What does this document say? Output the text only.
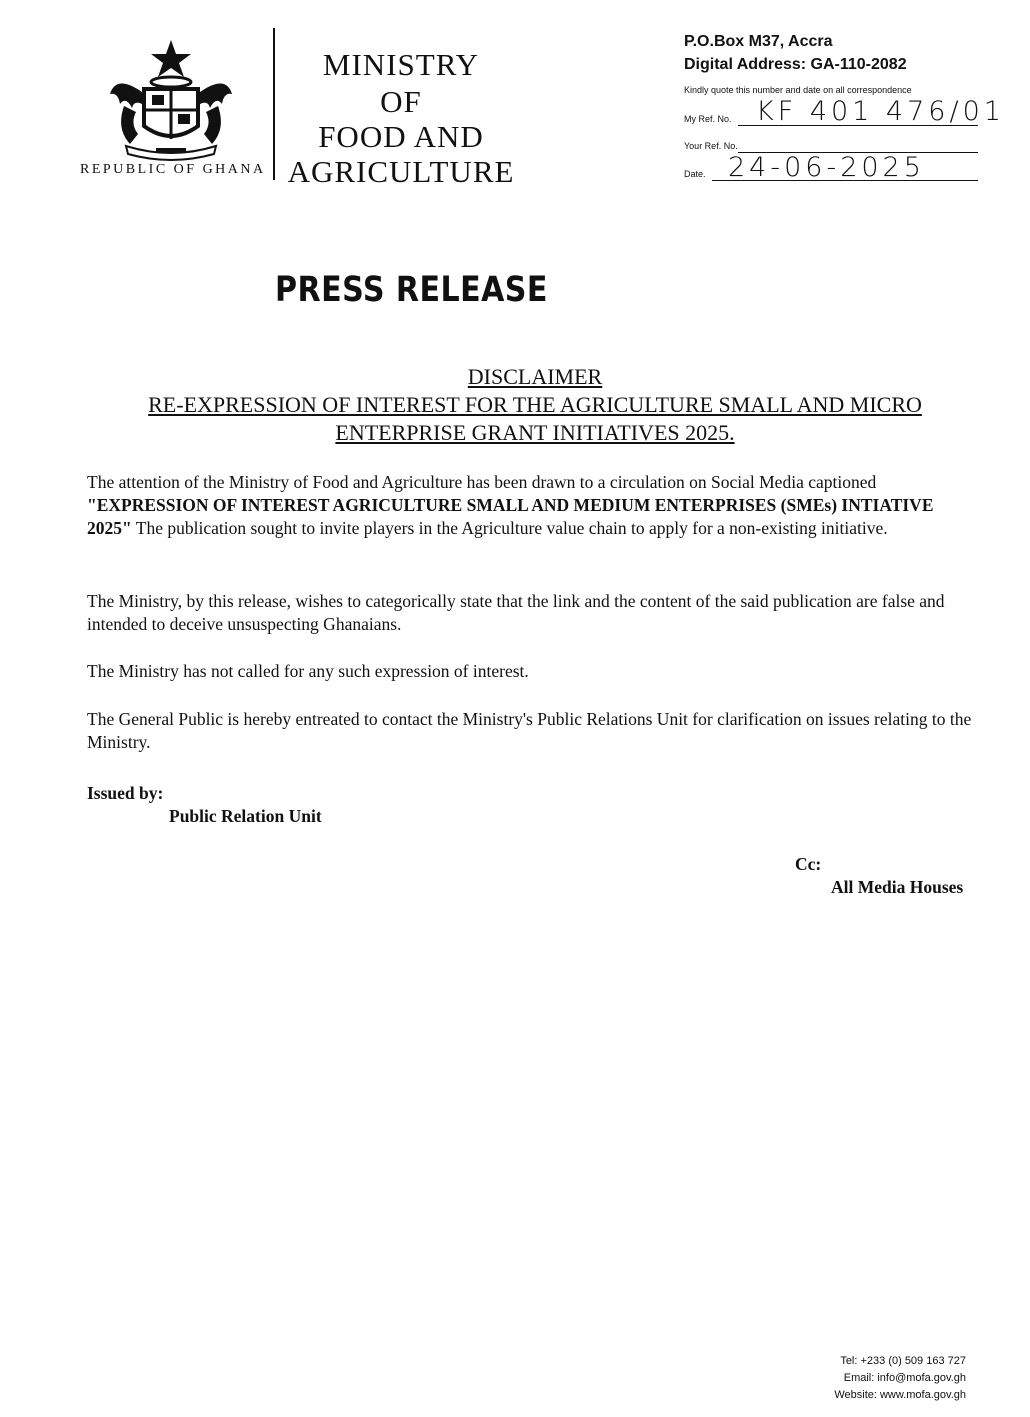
REPUBLIC OF GHANA
MINISTRY
OF
FOOD AND
AGRICULTURE
P.O.Box M37, Accra
Digital Address: GA-110-2082
Kindly quote this number and date on all correspondence
My Ref. No. KF 401 476/01
Your Ref. No.
Date. 24-06-2025
PRESS RELEASE
DISCLAIMER
RE-EXPRESSION OF INTEREST FOR THE AGRICULTURE SMALL AND MICRO
ENTERPRISE GRANT INITIATIVES 2025.
The attention of the Ministry of Food and Agriculture has been drawn to a circulation on Social Media captioned "EXPRESSION OF INTEREST AGRICULTURE SMALL AND MEDIUM ENTERPRISES (SMEs) INTIATIVE 2025" The publication sought to invite players in the Agriculture value chain to apply for a non-existing initiative.
The Ministry, by this release, wishes to categorically state that the link and the content of the said publication are false and intended to deceive unsuspecting Ghanaians.
The Ministry has not called for any such expression of interest.
The General Public is hereby entreated to contact the Ministry's Public Relations Unit for clarification on issues relating to the Ministry.
Issued by:
Public Relation Unit
Cc:
All Media Houses
Tel: +233 (0) 509 163 727
Email: info@mofa.gov.gh
Website: www.mofa.gov.gh
